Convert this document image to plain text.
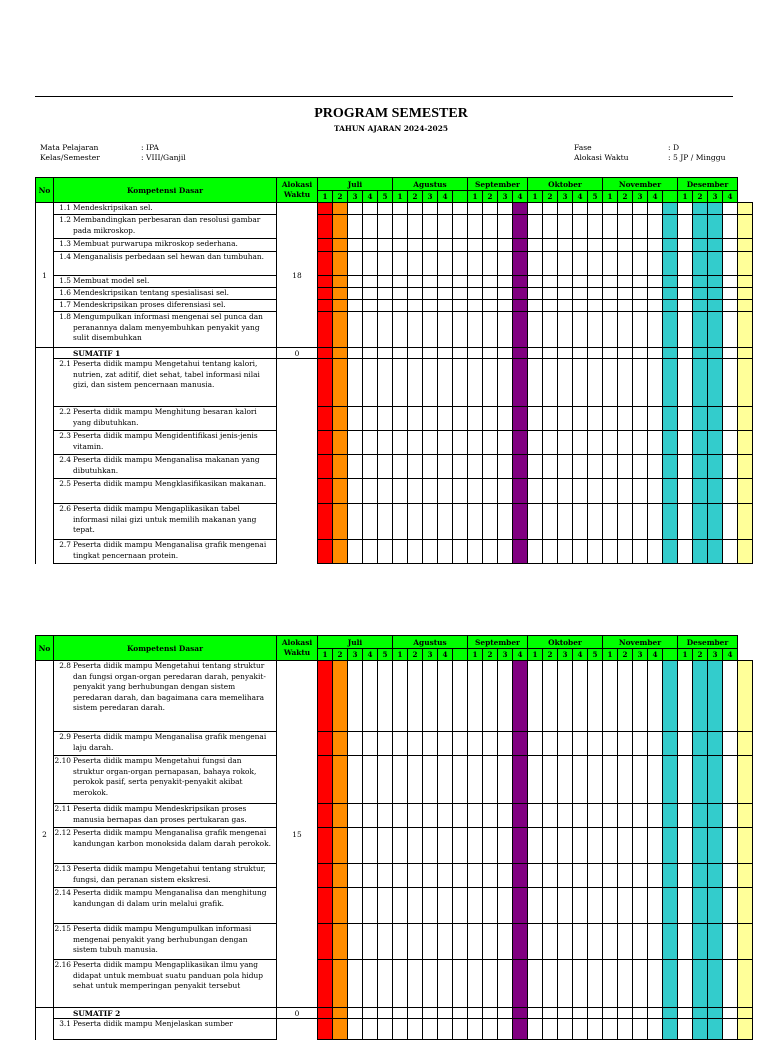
PROGRAM SEMESTER
TAHUN AJARAN 2024-2025
Mata Pelajaran	: IPA
Kelas/Semester	: VIII/Ganjil
Fase	: D
Alokasi Waktu	: 5 JP / Minggu
No	Kompetensi Dasar	Alokasi Waktu	Juli					Agustus					September				Oktober					November					Desember				
			1	2	3	4	5	1	2	3	4		1	2	3	4	1	2	3	4	5	1	2	3	4		1	2	3	4	
1	1.1 Mendeskripsikan sel.	18																													

	1.2 Membandingkan perbesaran dan resolusi gambar pada mikroskop.																														

	1.3 Membuat purwarupa mikroskop sederhana.																														

	1.4 Menganalisis perbedaan sel hewan dan tumbuhan.																														

	1.5 Membuat model sel.																														

	1.6 Mendeskripsikan tentang spesialisasi sel.																														

	1.7 Mendeskripsikan proses diferensiasi sel.																														

	1.8 Mengumpulkan informasi mengenai sel punca dan peranannya dalam menyembuhkan penyakit yang sulit disembuhkan																														

	SUMATIF 1	0																													

	2.1 Peserta didik mampu Mengetahui tentang kalori, nutrien, zat aditif, diet sehat, tabel informasi nilai gizi, dan sistem pencernaan manusia.																														

	2.2 Peserta didik mampu Menghitung besaran kalori yang dibutuhkan.																														

	2.3 Peserta didik mampu Mengidentifikasi jenis-jenis vitamin.																														

	2.4 Peserta didik mampu Menganalisa makanan yang dibutuhkan.																														

	2.5 Peserta didik mampu Mengklasifikasikan makanan.																														

	2.6 Peserta didik mampu Mengaplikasikan tabel informasi nilai gizi untuk memilih makanan yang tepat.																														

	2.7 Peserta didik mampu Menganalisa grafik mengenai tingkat pencernaan protein.																														

No	Kompetensi Dasar	Alokasi Waktu	Juli					Agustus					September				Oktober					November					Desember				
			1	2	3	4	5	1	2	3	4		1	2	3	4	1	2	3	4	5	1	2	3	4		1	2	3	4	
2	2.8 Peserta didik mampu Mengetahui tentang struktur dan fungsi organ-organ peredaran darah, penyakit-penyakit yang berhubungan dengan sistem peredaran darah, dan bagaimana cara memelihara sistem peredaran darah.	15																													

	2.9 Peserta didik mampu Menganalisa grafik mengenai laju darah.																														

	2.10 Peserta didik mampu Mengetahui fungsi dan struktur organ-organ pernapasan, bahaya rokok, perokok pasif, serta penyakit-penyakit akibat merokok.																														

	2.11 Peserta didik mampu Mendeskripsikan proses manusia bernapas dan proses pertukaran gas.																														

	2.12 Peserta didik mampu Menganalisa grafik mengenai kandungan karbon monoksida dalam darah perokok.																														

	2.13 Peserta didik mampu Mengetahui tentang struktur, fungsi, dan peranan sistem ekskresi.																														

	2.14 Peserta didik mampu Menganalisa dan menghitung kandungan di dalam urin melalui grafik.																														

	2.15 Peserta didik mampu Mengumpulkan informasi mengenai penyakit yang berhubungan dengan sistem tubuh manusia.																														

	2.16 Peserta didik mampu Mengaplikasikan ilmu yang didapat untuk membuat suatu panduan pola hidup sehat untuk memperingan penyakit tersebut																														

	SUMATIF 2	0																													

	3.1 Peserta didik mampu Menjelaskan sumber																														
